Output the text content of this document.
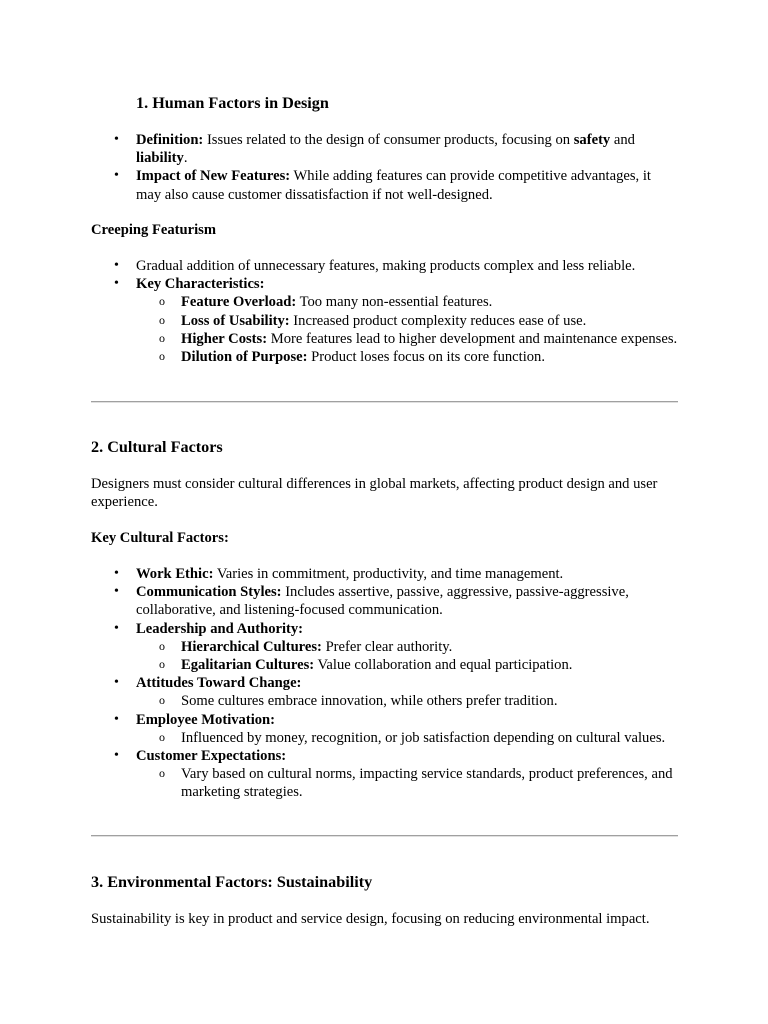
1. Human Factors in Design
• Definition: Issues related to the design of consumer products, focusing on safety and liability.
• Impact of New Features: While adding features can provide competitive advantages, it may also cause customer dissatisfaction if not well-designed.
Creeping Featurism
• Gradual addition of unnecessary features, making products complex and less reliable.
• Key Characteristics:
o Feature Overload: Too many non-essential features.
o Loss of Usability: Increased product complexity reduces ease of use.
o Higher Costs: More features lead to higher development and maintenance expenses.
o Dilution of Purpose: Product loses focus on its core function.
2. Cultural Factors

Designers must consider cultural differences in global markets, affecting product design and user experience.

Key Cultural Factors:
• Work Ethic: Varies in commitment, productivity, and time management.
• Communication Styles: Includes assertive, passive, aggressive, passive-aggressive, collaborative, and listening-focused communication.
• Leadership and Authority:
o Hierarchical Cultures: Prefer clear authority.
o Egalitarian Cultures: Value collaboration and equal participation.
• Attitudes Toward Change:
o Some cultures embrace innovation, while others prefer tradition.
• Employee Motivation:
o Influenced by money, recognition, or job satisfaction depending on cultural values.
• Customer Expectations:
o Vary based on cultural norms, impacting service standards, product preferences, and marketing strategies.
3. Environmental Factors: Sustainability

Sustainability is key in product and service design, focusing on reducing environmental impact.
